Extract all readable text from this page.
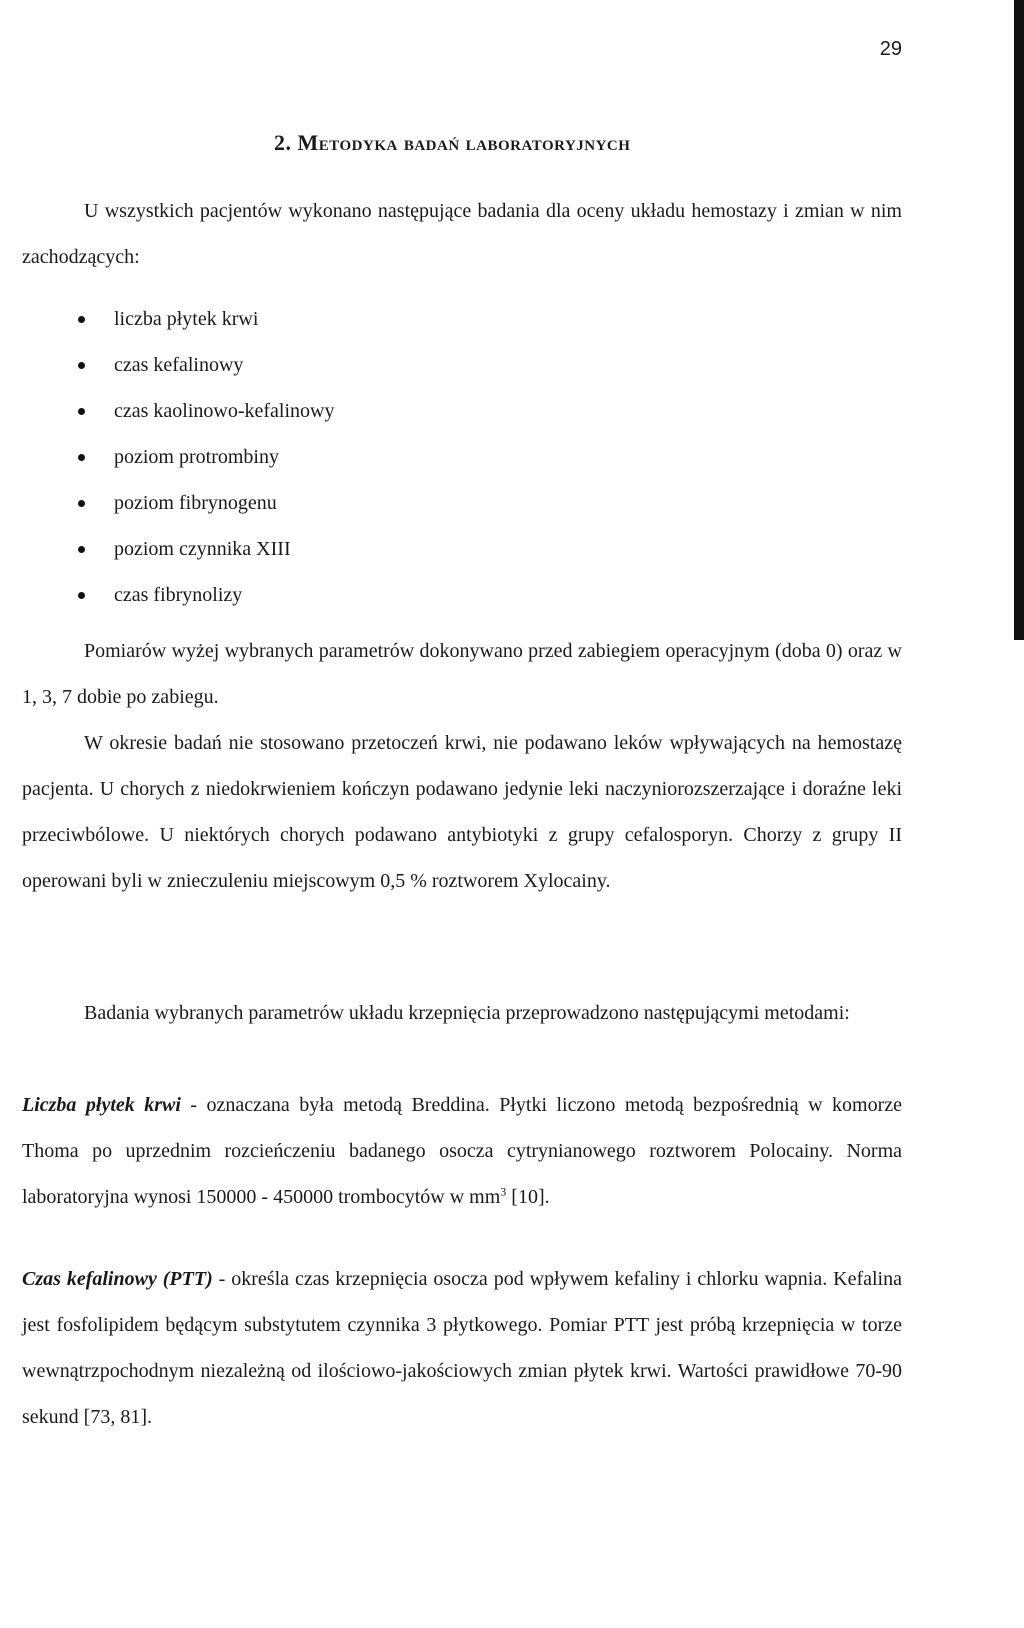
29
2. Metodyka badań laboratoryjnych

U wszystkich pacjentów wykonano następujące badania dla oceny układu hemostazy i zmian w nim zachodzących:

liczba płytek krwi
czas kefalinowy
czas kaolinowo-kefalinowy
poziom protrombiny
poziom fibrynogenu
poziom czynnika XIII
czas fibrynolizy

Pomiarów wyżej wybranych parametrów dokonywano przed zabiegiem operacyjnym (doba 0) oraz w 1, 3, 7 dobie po zabiegu.

W okresie badań nie stosowano przetoczeń krwi, nie podawano leków wpływających na hemostazę pacjenta. U chorych z niedokrwieniem kończyn podawano jedynie leki naczyniorozszerzające i doraźne leki przeciwbólowe. U niektórych chorych podawano antybiotyki z grupy cefalosporyn. Chorzy z grupy II operowani byli w znieczuleniu miejscowym 0,5 % roztworem Xylocainy.

Badania wybranych parametrów układu krzepnięcia przeprowadzono następującymi metodami:

Liczba płytek krwi - oznaczana była metodą Breddina. Płytki liczono metodą bezpośrednią w komorze Thoma po uprzednim rozcieńczeniu badanego osocza cytrynianowego roztworem Polocainy. Norma laboratoryjna wynosi 150000 - 450000 trombocytów w $mm^3$ [10].

Czas kefalinowy (PTT) - określa czas krzepnięcia osocza pod wpływem kefaliny i chlorku wapnia. Kefalina jest fosfolipidem będącym substytutem czynnika 3 płytkowego. Pomiar PTT jest próbą krzepnięcia w torze wewnątrzpochodnym niezależną od ilościowo-jakościowych zmian płytek krwi. Wartości prawidłowe 70-90 sekund [73, 81].
